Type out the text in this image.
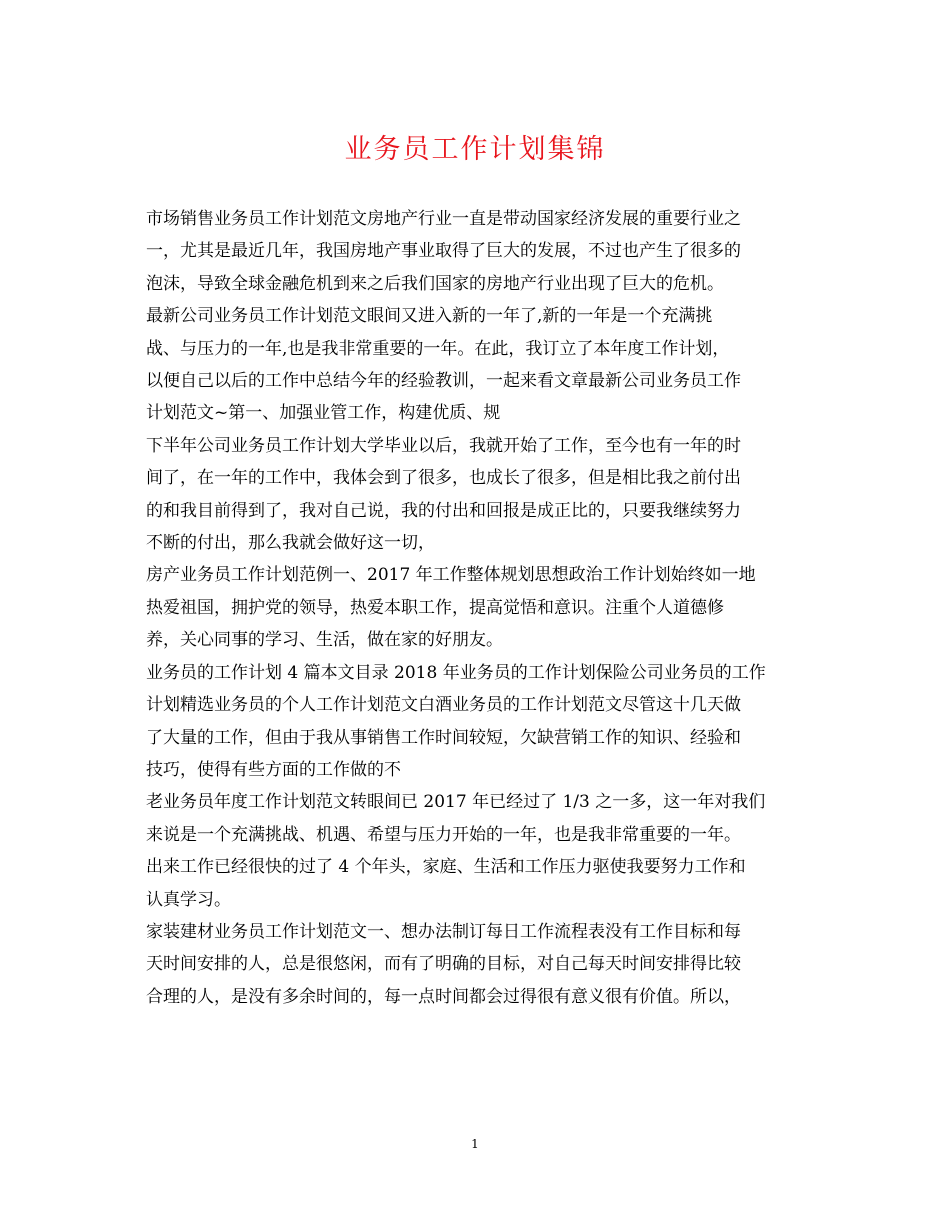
业务员工作计划集锦

市场销售业务员工作计划范文房地产行业一直是带动国家经济发展的重要行业之
一，尤其是最近几年，我国房地产事业取得了巨大的发展，不过也产生了很多的
泡沫，导致全球金融危机到来之后我们国家的房地产行业出现了巨大的危机。

最新公司业务员工作计划范文眼间又进入新的一年了,新的一年是一个充满挑
战、与压力的一年,也是我非常重要的一年。在此，我订立了本年度工作计划，
以便自己以后的工作中总结今年的经验教训，一起来看文章最新公司业务员工作
计划范文~第一、加强业管工作，构建优质、规

下半年公司业务员工作计划大学毕业以后，我就开始了工作，至今也有一年的时
间了，在一年的工作中，我体会到了很多，也成长了很多，但是相比我之前付出
的和我目前得到了，我对自己说，我的付出和回报是成正比的，只要我继续努力
不断的付出，那么我就会做好这一切，

房产业务员工作计划范例一、2017 年工作整体规划思想政治工作计划始终如一地
热爱祖国，拥护党的领导，热爱本职工作，提高觉悟和意识。注重个人道德修
养，关心同事的学习、生活，做在家的好朋友。

业务员的工作计划 4 篇本文目录 2018 年业务员的工作计划保险公司业务员的工作
计划精选业务员的个人工作计划范文白酒业务员的工作计划范文尽管这十几天做
了大量的工作，但由于我从事销售工作时间较短，欠缺营销工作的知识、经验和
技巧，使得有些方面的工作做的不

老业务员年度工作计划范文转眼间已 2017 年已经过了 1/3 之一多，这一年对我们
来说是一个充满挑战、机遇、希望与压力开始的一年，也是我非常重要的一年。
出来工作已经很快的过了 4 个年头，家庭、生活和工作压力驱使我要努力工作和
认真学习。

家装建材业务员工作计划范文一、想办法制订每日工作流程表没有工作目标和每
天时间安排的人，总是很悠闲，而有了明确的目标，对自己每天时间安排得比较
合理的人，是没有多余时间的，每一点时间都会过得很有意义很有价值。所以，

1
